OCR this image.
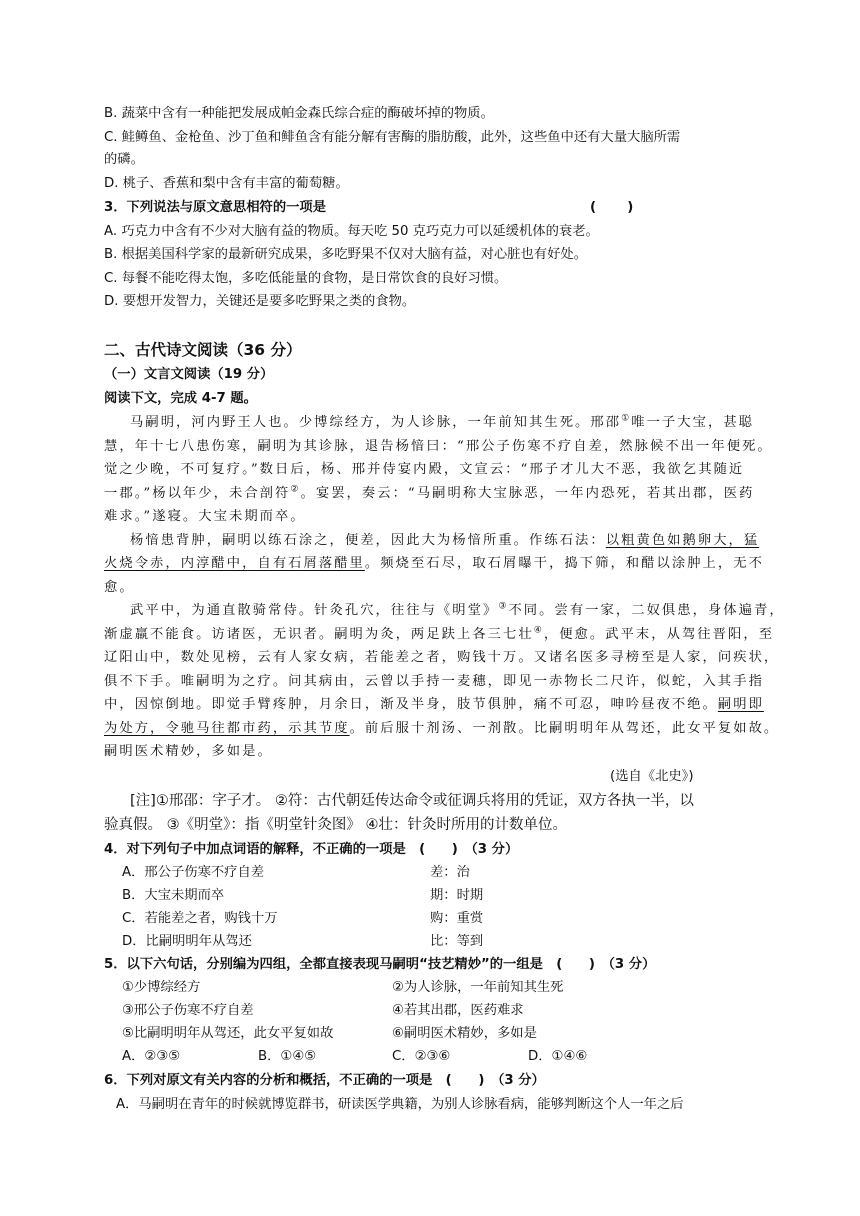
B. 蔬菜中含有一种能把发展成帕金森氏综合症的酶破坏掉的物质。
C. 鲑鳟鱼、金枪鱼、沙丁鱼和鲱鱼含有能分解有害酶的脂肪酸，此外，这些鱼中还有大量大脑所需
的磷。
D. 桃子、香蕉和梨中含有丰富的葡萄糖。
3．下列说法与原文意思相符的一项是	(　　 )
A. 巧克力中含有不少对大脑有益的物质。每天吃 50 克巧克力可以延缓机体的衰老。
B. 根据美国科学家的最新研究成果，多吃野果不仅对大脑有益，对心脏也有好处。
C. 每餐不能吃得太饱，多吃低能量的食物，是日常饮食的良好习惯。
D. 要想开发智力，关键还是要多吃野果之类的食物。
二、古代诗文阅读（36 分）
（一）文言文阅读（19 分）
阅读下文，完成 4-7 题。
马嗣明，河内野王人也。少博综经方，为人诊脉，一年前知其生死。邢邵①唯一子大宝，甚聪
慧，年十七八患伤寒，嗣明为其诊脉，退告杨愔曰：“邢公子伤寒不疗自差，然脉候不出一年便死。
觉之少晚，不可复疗。”数日后，杨、邢并侍宴内殿，文宣云：“邢子才儿大不恶，我欲乞其随近
一郡。”杨以年少，未合剖符②。宴罢，奏云：“马嗣明称大宝脉恶，一年内恐死，若其出郡，医药
难求。”遂寝。大宝未期而卒。
杨愔患背肿，嗣明以练石涂之，便差，因此大为杨愔所重。作练石法：以粗黄色如鹅卵大，猛
火烧令赤，内淳醋中，自有石屑落醋里。频烧至石尽，取石屑曝干，捣下筛，和醋以涂肿上，无不
愈。
武平中，为通直散骑常侍。针灸孔穴，往往与《明堂》③不同。尝有一家，二奴俱患，身体遍青，
渐虚羸不能食。访诸医，无识者。嗣明为灸，两足趺上各三七壮④，便愈。武平末，从驾往晋阳，至
辽阳山中，数处见榜，云有人家女病，若能差之者，购钱十万。又诸名医多寻榜至是人家，问疾状，
俱不下手。唯嗣明为之疗。问其病由，云曾以手持一麦穗，即见一赤物长二尺许，似蛇，入其手指
中，因惊倒地。即觉手臂疼肿，月余日，渐及半身，肢节俱肿，痛不可忍，呻吟昼夜不绝。嗣明即
为处方，令驰马往都市药，示其节度。前后服十剂汤、一剂散。比嗣明明年从驾还，此女平复如故。
嗣明医术精妙，多如是。
(选自《北史》)
[注]①邢邵：字子才。 ②符：古代朝廷传达命令或征调兵将用的凭证，双方各执一半，以
验真假。 ③《明堂》：指《明堂针灸图》 ④壮：针灸时所用的计数单位。
4．对下列句子中加点词语的解释，不正确的一项是　(　　)　（3 分）
A．邢公子伤寒不疗自差	差：治
B．大宝未期而卒	期：时期
C．若能差之者，购钱十万	购：重赏
D．比嗣明明年从驾还	比：等到
5．以下六句话，分别编为四组，全都直接表现马嗣明“技艺精妙”的一组是　(　　)　（3 分）
①少博综经方	②为人诊脉，一年前知其生死
③邢公子伤寒不疗自差	④若其出郡，医药难求
⑤比嗣明明年从驾还，此女平复如故	⑥嗣明医术精妙，多如是
A．②③⑤	B．①④⑤	C．②③⑥	D．①④⑥
6．下列对原文有关内容的分析和概括，不正确的一项是　(　　)　（3 分）
A．马嗣明在青年的时候就博览群书，研读医学典籍，为别人诊脉看病，能够判断这个人一年之后
